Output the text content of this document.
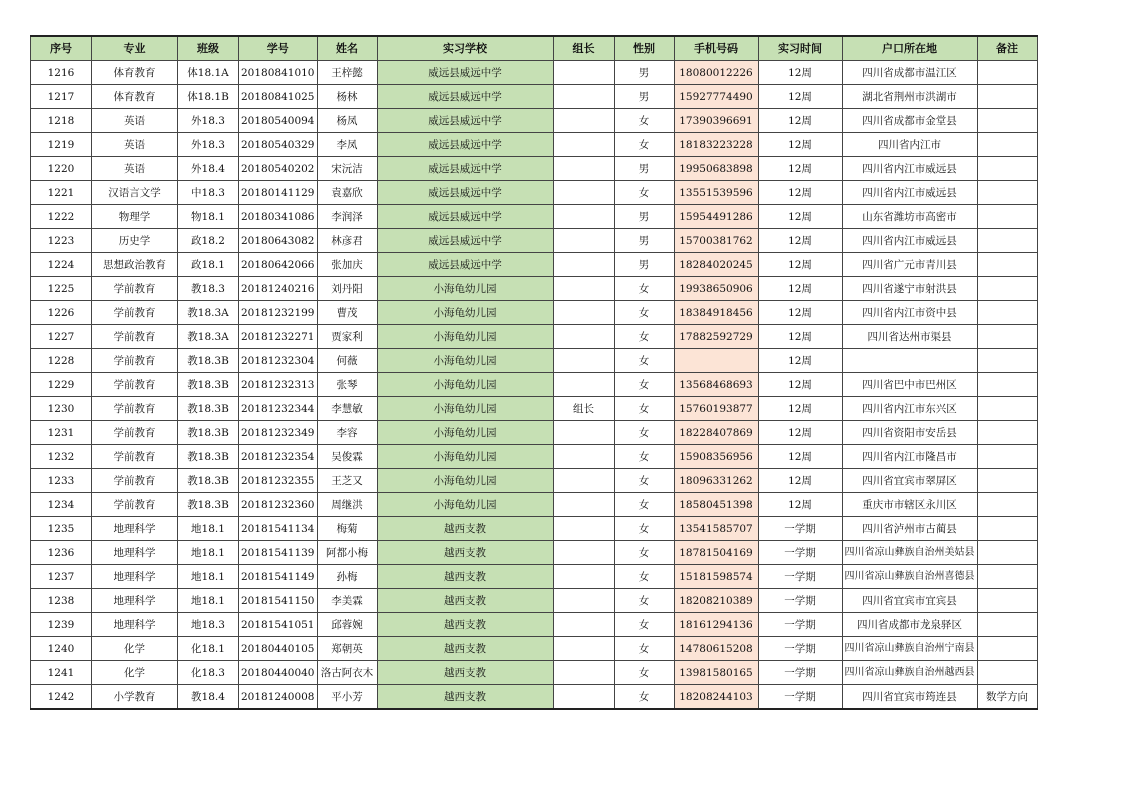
序号	专业	班级	学号	姓名	实习学校	组长	性别	手机号码	实习时间	户口所在地	备注
1216	体育教育	体18.1A	20180841010	王梓懿	威远县威远中学		男	18080012226	12周	四川省成都市温江区	
1217	体育教育	体18.1B	20180841025	杨林	威远县威远中学		男	15927774490	12周	湖北省荆州市洪湖市	
1218	英语	外18.3	20180540094	杨凤	威远县威远中学		女	17390396691	12周	四川省成都市金堂县	
1219	英语	外18.3	20180540329	李凤	威远县威远中学		女	18183223228	12周	四川省内江市	
1220	英语	外18.4	20180540202	宋沅洁	威远县威远中学		男	19950683898	12周	四川省内江市威远县	
1221	汉语言文学	中18.3	20180141129	袁嘉欣	威远县威远中学		女	13551539596	12周	四川省内江市威远县	
1222	物理学	物18.1	20180341086	李润泽	威远县威远中学		男	15954491286	12周	山东省潍坊市高密市	
1223	历史学	政18.2	20180643082	林彦君	威远县威远中学		男	15700381762	12周	四川省内江市威远县	
1224	思想政治教育	政18.1	20180642066	张加庆	威远县威远中学		男	18284020245	12周	四川省广元市青川县	
1225	学前教育	教18.3	20181240216	刘丹阳	小海龟幼儿园		女	19938650906	12周	四川省遂宁市射洪县	
1226	学前教育	教18.3A	20181232199	曹茂	小海龟幼儿园		女	18384918456	12周	四川省内江市资中县	
1227	学前教育	教18.3A	20181232271	贾家利	小海龟幼儿园		女	17882592729	12周	四川省达州市渠县	
1228	学前教育	教18.3B	20181232304	何薇	小海龟幼儿园		女		12周		
1229	学前教育	教18.3B	20181232313	张琴	小海龟幼儿园		女	13568468693	12周	四川省巴中市巴州区	
1230	学前教育	教18.3B	20181232344	李慧敏	小海龟幼儿园	组长	女	15760193877	12周	四川省内江市东兴区	
1231	学前教育	教18.3B	20181232349	李容	小海龟幼儿园		女	18228407869	12周	四川省资阳市安岳县	
1232	学前教育	教18.3B	20181232354	吴俊霖	小海龟幼儿园		女	15908356956	12周	四川省内江市隆昌市	
1233	学前教育	教18.3B	20181232355	王芝又	小海龟幼儿园		女	18096331262	12周	四川省宜宾市翠屏区	
1234	学前教育	教18.3B	20181232360	周继洪	小海龟幼儿园		女	18580451398	12周	重庆市市辖区永川区	
1235	地理科学	地18.1	20181541134	梅菊	越西支教		女	13541585707	一学期	四川省泸州市古蔺县	
1236	地理科学	地18.1	20181541139	阿都小梅	越西支教		女	18781504169	一学期	四川省凉山彝族自治州美姑县	
1237	地理科学	地18.1	20181541149	孙梅	越西支教		女	15181598574	一学期	四川省凉山彝族自治州喜德县	
1238	地理科学	地18.1	20181541150	李美霖	越西支教		女	18208210389	一学期	四川省宜宾市宜宾县	
1239	地理科学	地18.3	20181541051	邱蓉婉	越西支教		女	18161294136	一学期	四川省成都市龙泉驿区	
1240	化学	化18.1	20180440105	郑朝英	越西支教		女	14780615208	一学期	四川省凉山彝族自治州宁南县	
1241	化学	化18.3	20180440040	洛古阿衣木	越西支教		女	13981580165	一学期	四川省凉山彝族自治州越西县	
1242	小学教育	教18.4	20181240008	平小芳	越西支教		女	18208244103	一学期	四川省宜宾市筠连县	数学方向
